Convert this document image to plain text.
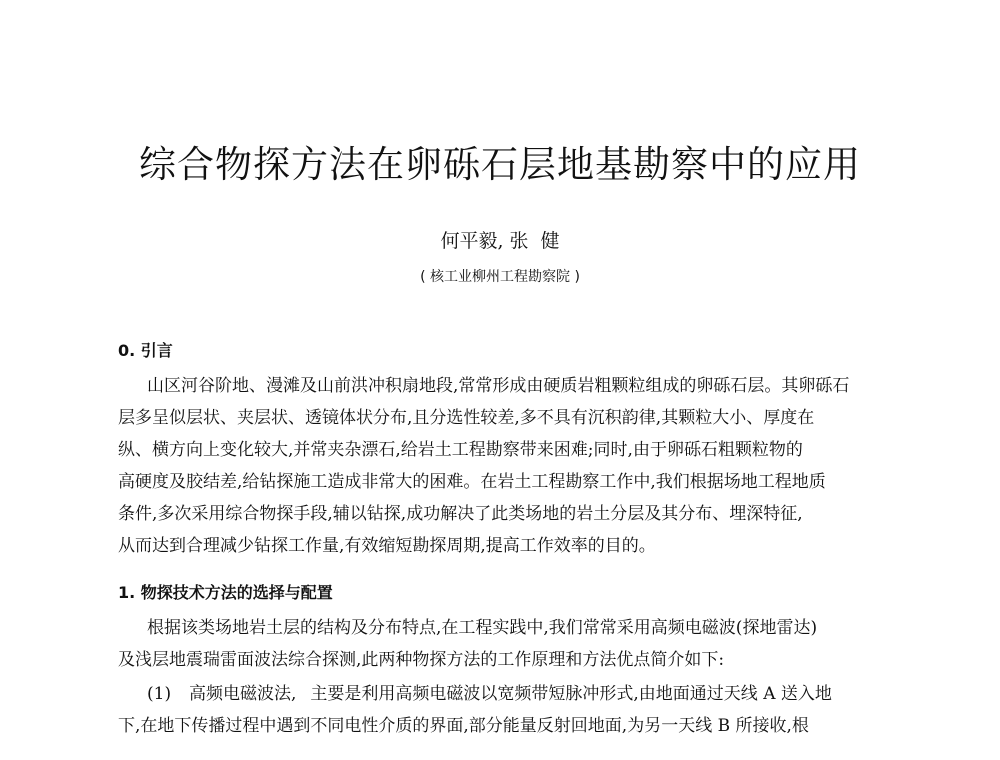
综合物探方法在卵砾石层地基勘察中的应用
何平毅, 张 健
( 核工业柳州工程勘察院 )
0. 引言
山区河谷阶地、漫滩及山前洪冲积扇地段,常常形成由硬质岩粗颗粒组成的卵砾石层。其卵砾石
层多呈似层状、夹层状、透镜体状分布,且分选性较差,多不具有沉积韵律,其颗粒大小、厚度在
纵、横方向上变化较大,并常夹杂漂石,给岩土工程勘察带来困难;同时,由于卵砾石粗颗粒物的
高硬度及胶结差,给钻探施工造成非常大的困难。在岩土工程勘察工作中,我们根据场地工程地质
条件,多次采用综合物探手段,辅以钻探,成功解决了此类场地的岩土分层及其分布、埋深特征,
从而达到合理减少钻探工作量,有效缩短勘探周期,提高工作效率的目的。
1. 物探技术方法的选择与配置
根据该类场地岩土层的结构及分布特点,在工程实践中,我们常常采用高频电磁波(探地雷达)
及浅层地震瑞雷面波法综合探测,此两种物探方法的工作原理和方法优点简介如下:
(1) 高频电磁波法, 主要是利用高频电磁波以宽频带短脉冲形式,由地面通过天线 A 送入地
下,在地下传播过程中遇到不同电性介质的界面,部分能量反射回地面,为另一天线 B 所接收,根
